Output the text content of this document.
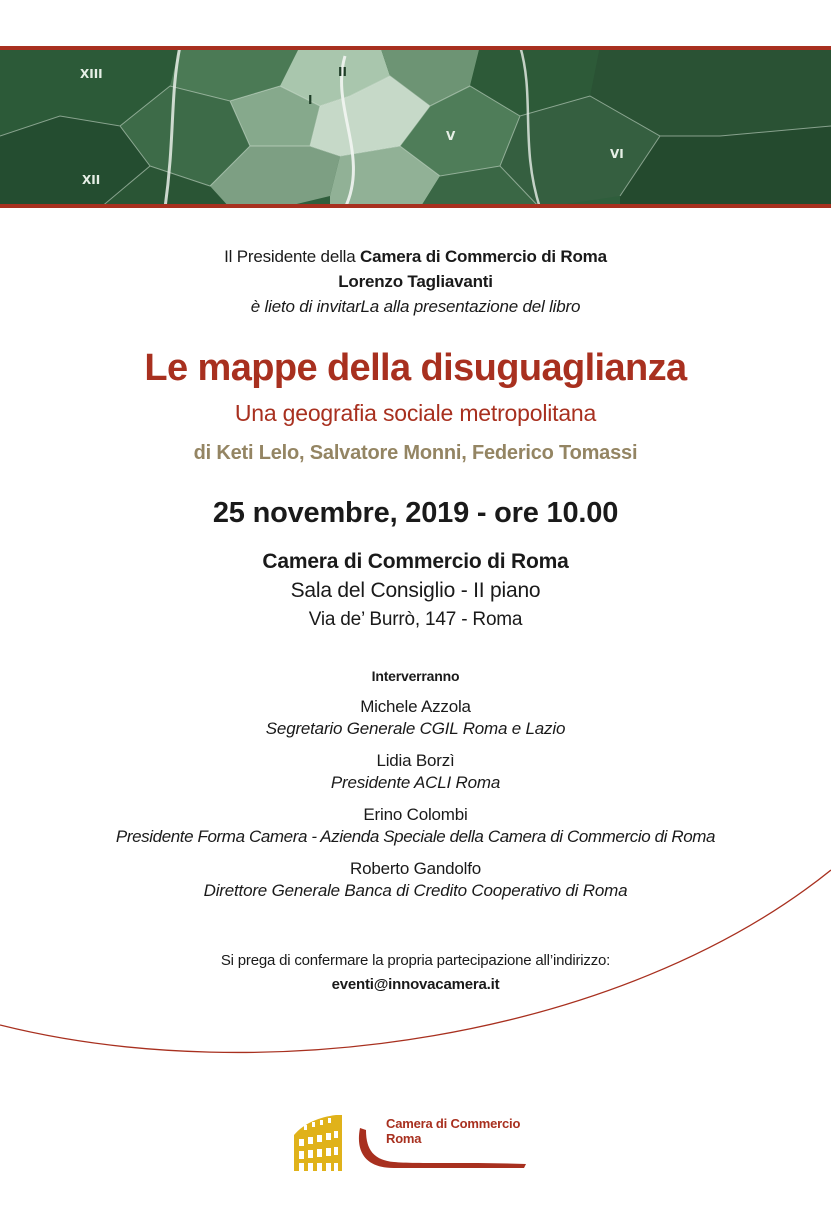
XIII	II
I
V
VI
XII
Il Presidente della Camera di Commercio di Roma
Lorenzo Tagliavanti
è lieto di invitarLa alla presentazione del libro
Le mappe della disuguaglianza
Una geografia sociale metropolitana
di Keti Lelo, Salvatore Monni, Federico Tomassi
25 novembre, 2019 - ore 10.00
Camera di Commercio di Roma
Sala del Consiglio - II piano
Via de’ Burrò, 147 - Roma
Interverranno
Michele Azzola
Segretario Generale CGIL Roma e Lazio
Lidia Borzì
Presidente ACLI Roma
Erino Colombi
Presidente Forma Camera - Azienda Speciale della Camera di Commercio di Roma
Roberto Gandolfo
Direttore Generale Banca di Credito Cooperativo di Roma
Si prega di confermare la propria partecipazione all’indirizzo:
eventi@innovacamera.it
Camera di Commercio
Roma
